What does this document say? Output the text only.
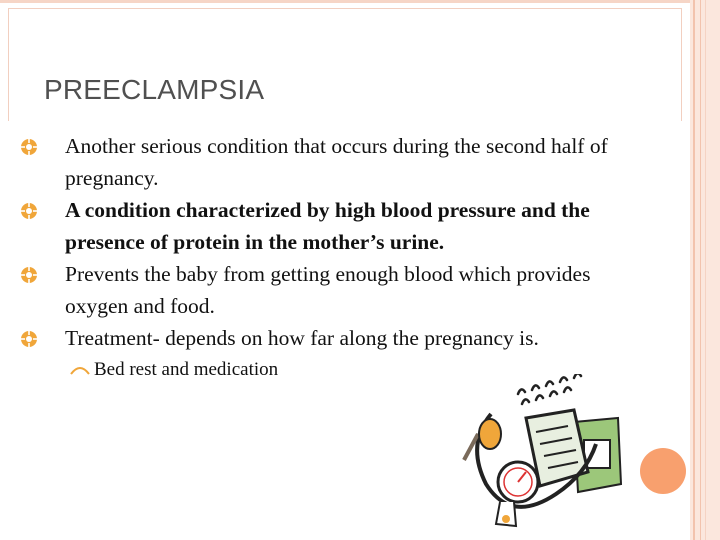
PREECLAMPSIA
Another serious condition that occurs during the second half of pregnancy.
A condition characterized by high blood pressure and the presence of protein in the mother’s urine.
Prevents the baby from getting enough blood which provides oxygen and food.
Treatment- depends on how far along the pregnancy is.
Bed rest and medication
